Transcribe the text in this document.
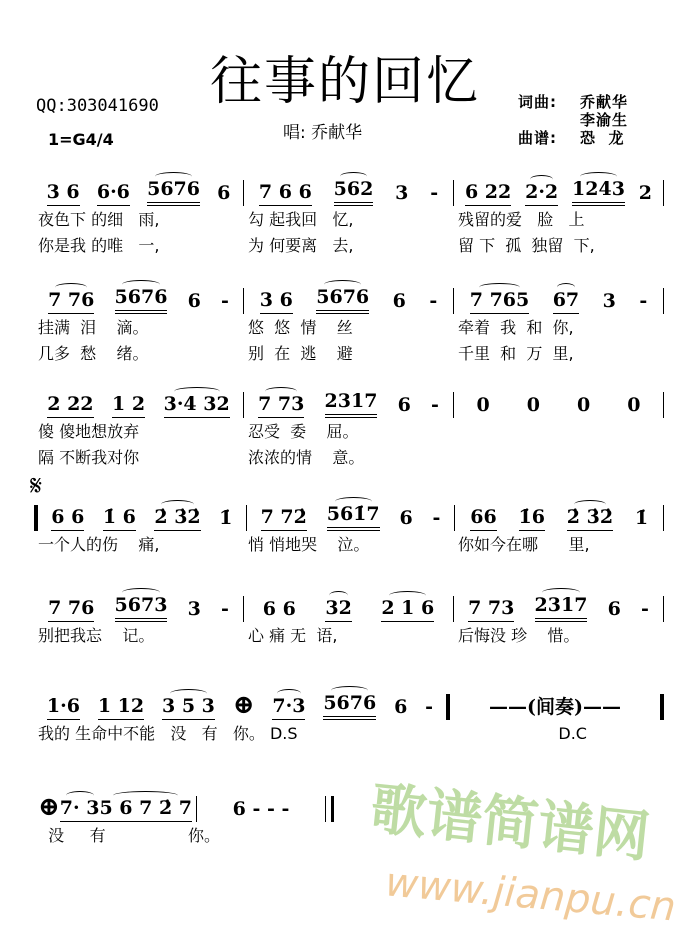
往事的回忆
QQ:303041690
1=G4/4	唱: 乔献华
词曲: 乔献华
李渝生
曲谱: 恐  龙
3 6 6·6 5676 6 7 6 6 562 3 - 6 22 2·2 1243 2
夜色下 的细   雨,	勾 起我回   忆,	残留的爱   脸   上
你是我 的唯   一,	为 何要离   去,	留 下  孤  独留  下,
7 76 5676 6 - 3 6 5676 6 - 7 765 67 3 -
挂满  泪    滴。	悠  悠  情    丝	牵着  我  和  你,
几多  愁    绪。	别  在  逃    避	千里  和  万  里,
2 22 1 2 3·4 32 7 73 2317 6 - 0 0 0 0
傻 傻地想放弃	忍受  委    屈。
隔 不断我对你	浓浓的情    意。
𝄋
6 6 1̇ 6 2̇ 3̇2̇ 1̇ 7 72̇ 561̇7 6 - 66 1̇6 2̇ 3̇2̇ 1̇
一个人的伤    痛,	悄 悄地哭    泣。	你如今在哪      里,
7 76 5673 3 - 6 6 32 2 1 6 7 73 2317 6 -
别把我忘    记。	心 痛 无  语,	后悔没 珍    惜。
1·6 1 12 3 5 3 ⊕ 7·3 5676 6 -	——(间奏)——
我的 生命中不能   没   有   你。 D.S	D.C
⊕ 7· 3 5 6 7 2̇ 7 6 - - -
没     有	你。	歌谱简谱网
www.jianpu.cn
